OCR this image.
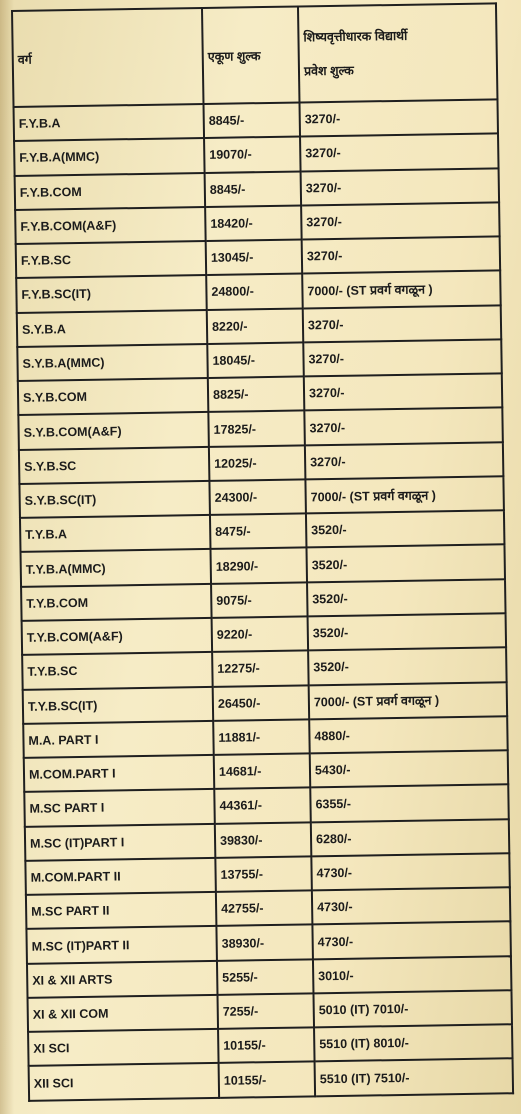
वर्ग	एकूण शुल्क	शिष्यवृत्तीधारक विद्यार्थी
प्रवेश शुल्क

F.Y.B.A	8845/-	3270/-
F.Y.B.A(MMC)	19070/-	3270/-
F.Y.B.COM	8845/-	3270/-
F.Y.B.COM(A&F)	18420/-	3270/-
F.Y.B.SC	13045/-	3270/-
F.Y.B.SC(IT)	24800/-	7000/- (ST प्रवर्ग वगळून )
S.Y.B.A	8220/-	3270/-
S.Y.B.A(MMC)	18045/-	3270/-
S.Y.B.COM	8825/-	3270/-
S.Y.B.COM(A&F)	17825/-	3270/-
S.Y.B.SC	12025/-	3270/-
S.Y.B.SC(IT)	24300/-	7000/- (ST प्रवर्ग वगळून )
T.Y.B.A	8475/-	3520/-
T.Y.B.A(MMC)	18290/-	3520/-
T.Y.B.COM	9075/-	3520/-
T.Y.B.COM(A&F)	9220/-	3520/-
T.Y.B.SC	12275/-	3520/-
T.Y.B.SC(IT)	26450/-	7000/- (ST प्रवर्ग वगळून )
M.A. PART I	11881/-	4880/-
M.COM.PART I	14681/-	5430/-
M.SC PART I	44361/-	6355/-
M.SC (IT)PART I	39830/-	6280/-
M.COM.PART II	13755/-	4730/-
M.SC PART II	42755/-	4730/-
M.SC (IT)PART II	38930/-	4730/-
XI & XII ARTS	5255/-	3010/-
XI & XII COM	7255/-	5010 (IT) 7010/-
XI SCI	10155/-	5510 (IT) 8010/-
XII SCI	10155/-	5510 (IT) 7510/-
